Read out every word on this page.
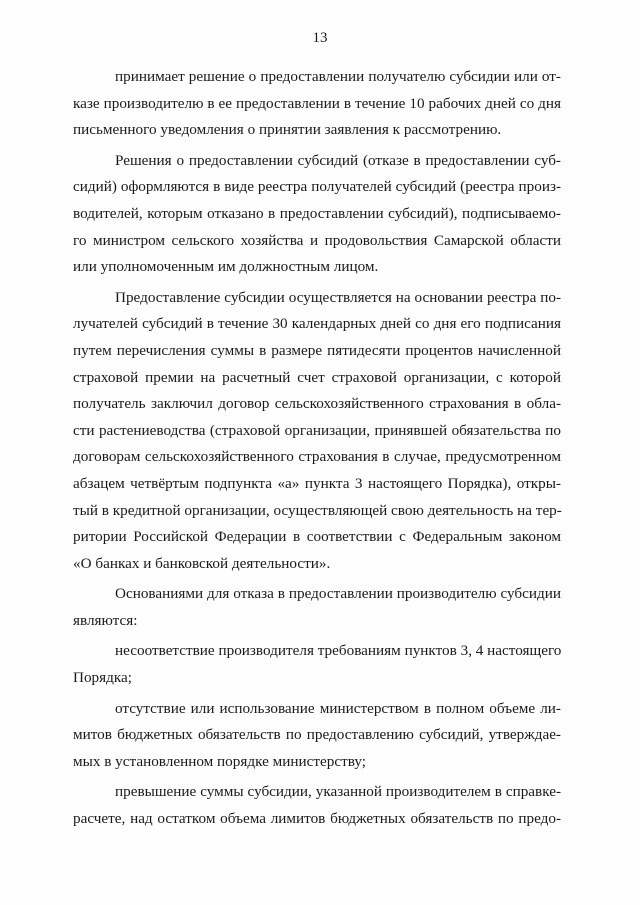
13
принимает решение о предоставлении получателю субсидии или от-
казе производителю в ее предоставлении в течение 10 рабочих дней со дня
письменного уведомления о принятии заявления к рассмотрению.
Решения о предоставлении субсидий (отказе в предоставлении суб-
сидий) оформляются в виде реестра получателей субсидий (реестра произ-
водителей, которым отказано в предоставлении субсидий), подписываемо-
го министром сельского хозяйства и продовольствия Самарской области
или уполномоченным им должностным лицом.
Предоставление субсидии осуществляется на основании реестра по-
лучателей субсидий в течение 30 календарных дней со дня его подписания
путем перечисления суммы в размере пятидесяти процентов начисленной
страховой премии на расчетный счет страховой организации, с которой
получатель заключил договор сельскохозяйственного страхования в обла-
сти растениеводства (страховой организации, принявшей обязательства по
договорам сельскохозяйственного страхования в случае, предусмотренном
абзацем четвёртым подпункта «а» пункта 3 настоящего Порядка), откры-
тый в кредитной организации, осуществляющей свою деятельность на тер-
ритории Российской Федерации в соответствии с Федеральным законом
«О банках и банковской деятельности».
Основаниями для отказа в предоставлении производителю субсидии
являются:
несоответствие производителя требованиям пунктов 3, 4 настоящего
Порядка;
отсутствие или использование министерством в полном объеме ли-
митов бюджетных обязательств по предоставлению субсидий, утверждае-
мых в установленном порядке министерству;
превышение суммы субсидии, указанной производителем в справке-
расчете, над остатком объема лимитов бюджетных обязательств по предо-
